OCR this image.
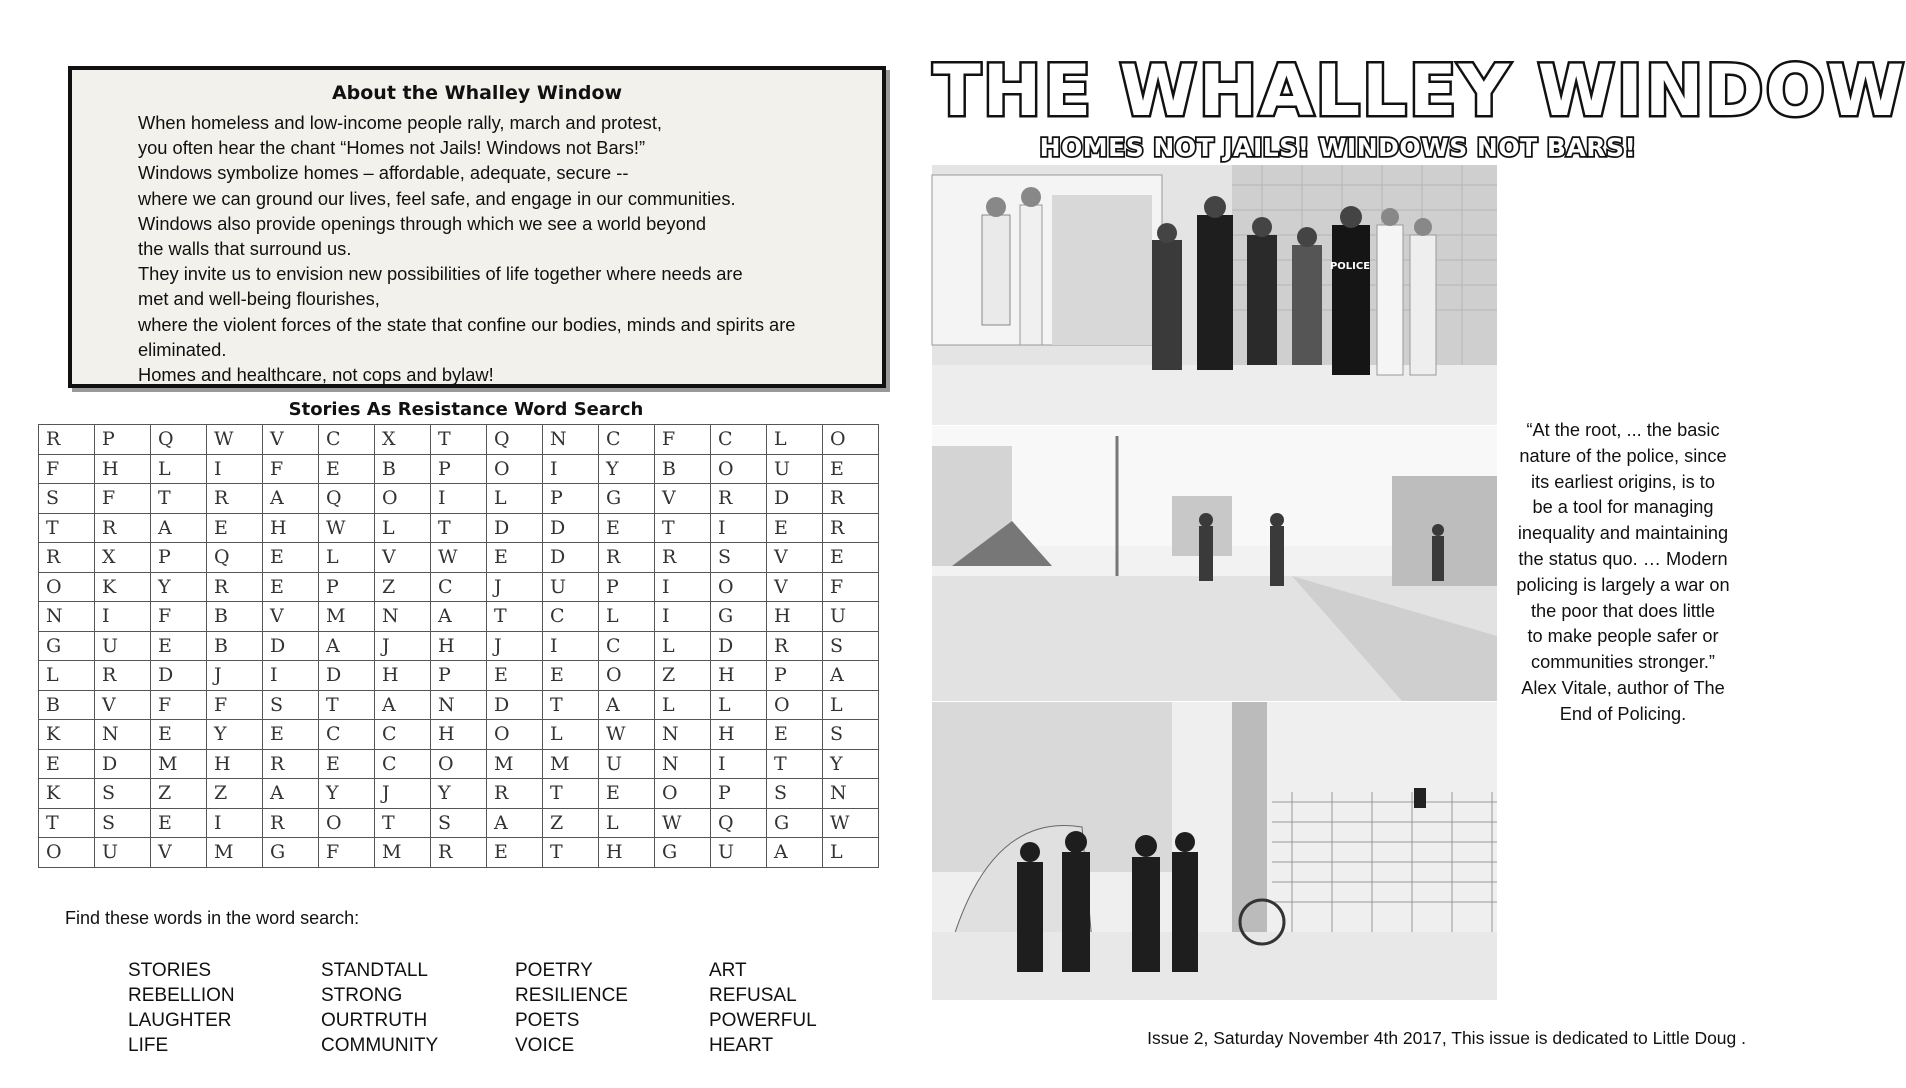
About the Whalley Window
When homeless and low-income people rally, march and protest,
you often hear the chant “Homes not Jails! Windows not Bars!”
Windows symbolize homes – affordable, adequate, secure --
where we can ground our lives, feel safe, and engage in our communities.
Windows also provide openings through which we see a world beyond
the walls that surround us.
They invite us to envision new possibilities of life together where needs are
met and well-being flourishes,
where the violent forces of the state that confine our bodies, minds and spirits are
eliminated.
Homes and healthcare, not cops and bylaw!
Stories As Resistance Word Search
R	P	Q	W	V	C	X	T	Q	N	C	F	C	L	O
F	H	L	I	F	E	B	P	O	I	Y	B	O	U	E
S	F	T	R	A	Q	O	I	L	P	G	V	R	D	R
T	R	A	E	H	W	L	T	D	D	E	T	I	E	R
R	X	P	Q	E	L	V	W	E	D	R	R	S	V	E
O	K	Y	R	E	P	Z	C	J	U	P	I	O	V	F
N	I	F	B	V	M	N	A	T	C	L	I	G	H	U
G	U	E	B	D	A	J	H	J	I	C	L	D	R	S
L	R	D	J	I	D	H	P	E	E	O	Z	H	P	A
B	V	F	F	S	T	A	N	D	T	A	L	L	O	L
K	N	E	Y	E	C	C	H	O	L	W	N	H	E	S
E	D	M	H	R	E	C	O	M	M	U	N	I	T	Y
K	S	Z	Z	A	Y	J	Y	R	T	E	O	P	S	N
T	S	E	I	R	O	T	S	A	Z	L	W	Q	G	W
O	U	V	M	G	F	M	R	E	T	H	G	U	A	L
Find these words in the word search:
STORIES
REBELLION
LAUGHTER
LIFE
STANDTALL
STRONG
OURTRUTH
COMMUNITY
POETRY
RESILIENCE
POETS
VOICE
ART
REFUSAL
POWERFUL
HEART
THE WHALLEY WINDOW
HOMES NOT JAILS! WINDOWS NOT BARS!
POLICE
“At the root, ... the basic
nature of the police, since
its earliest origins, is to
be a tool for managing
inequality and maintaining
the status quo. … Modern
policing is largely a war on
the poor that does little
to make people safer or
communities stronger.”
Alex Vitale, author of The
End of Policing.
Issue 2, Saturday November 4th 2017, This issue is dedicated to Little Doug .
